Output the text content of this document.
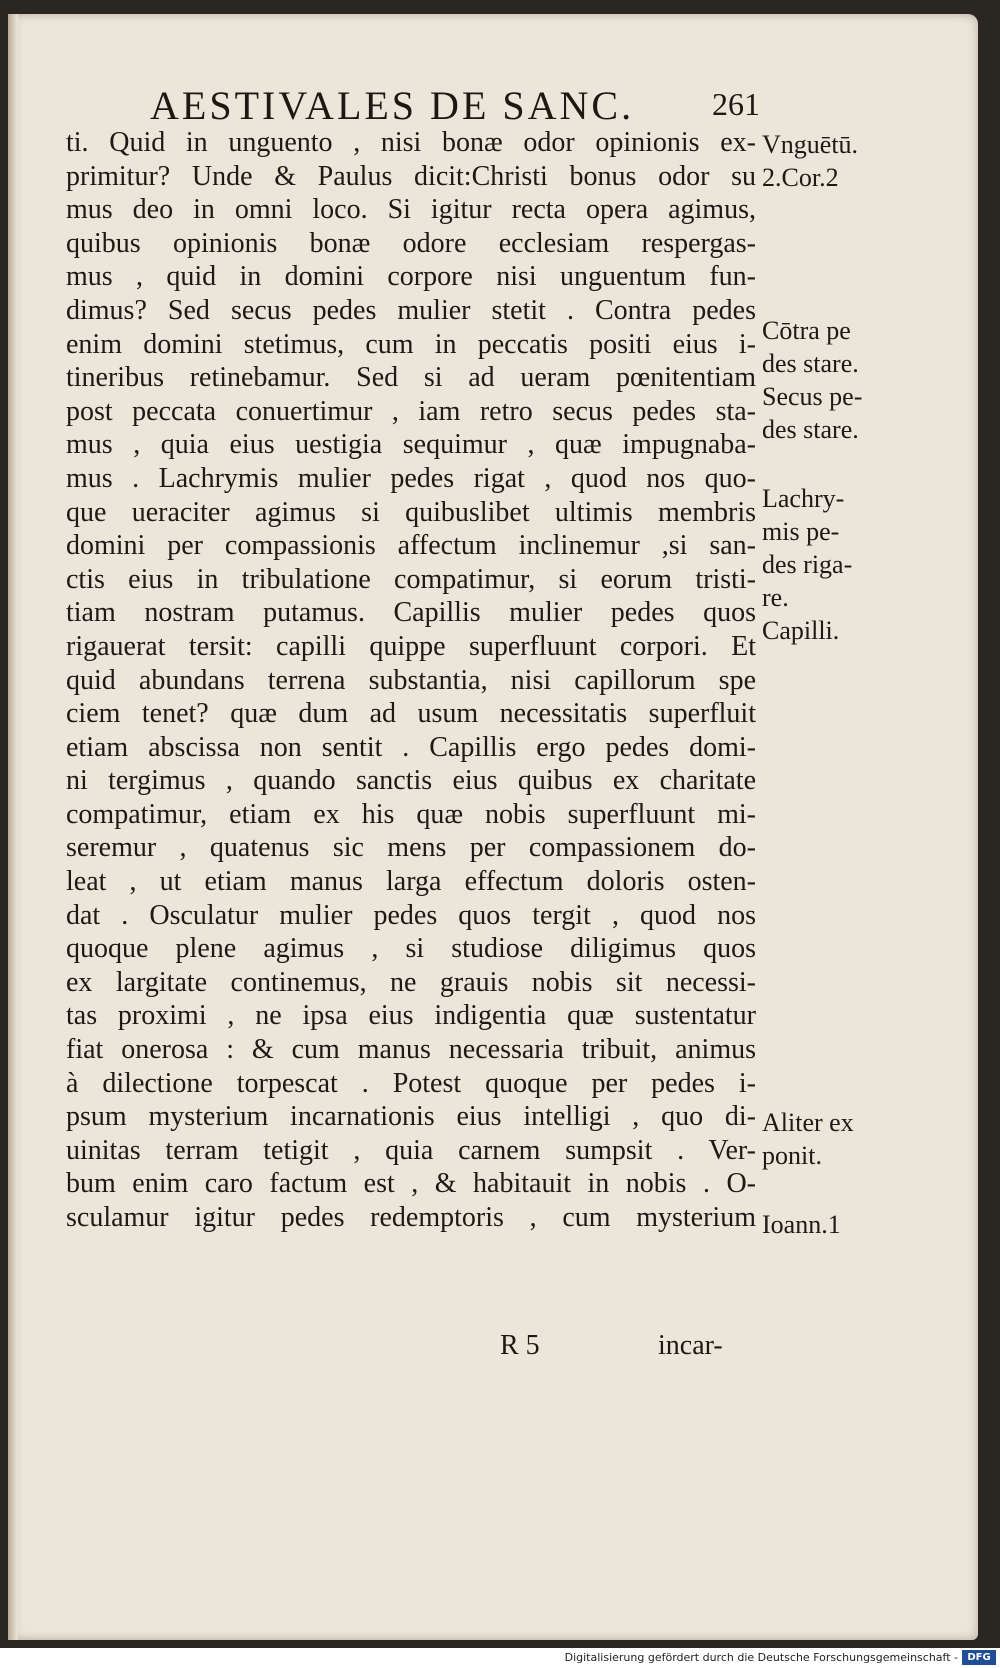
AESTIVALES DE SANC. 261
ti. Quid in unguento , nisi bonæ odor opinionis ex-
primitur? Unde & Paulus dicit:Christi bonus odor su
mus deo in omni loco. Si igitur recta opera agimus,
quibus opinionis bonæ odore ecclesiam respergas-
mus , quid in domini corpore nisi unguentum fun-
dimus? Sed secus pedes mulier stetit . Contra pedes
enim domini stetimus, cum in peccatis positi eius i-
tineribus retinebamur. Sed si ad ueram pœnitentiam
post peccata conuertimur , iam retro secus pedes sta-
mus , quia eius uestigia sequimur , quæ impugnaba-
mus . Lachrymis mulier pedes rigat , quod nos quo-
que ueraciter agimus si quibuslibet ultimis membris
domini per compassionis affectum inclinemur ,si san-
ctis eius in tribulatione compatimur, si eorum tristi-
tiam nostram putamus. Capillis mulier pedes quos
rigauerat tersit: capilli quippe superfluunt corpori. Et
quid abundans terrena substantia, nisi capillorum spe
ciem tenet? quæ dum ad usum necessitatis superfluit
etiam abscissa non sentit . Capillis ergo pedes domi-
ni tergimus , quando sanctis eius quibus ex charitate
compatimur, etiam ex his quæ nobis superfluunt mi-
seremur , quatenus sic mens per compassionem do-
leat , ut etiam manus larga effectum doloris osten-
dat . Osculatur mulier pedes quos tergit , quod nos
quoque plene agimus , si studiose diligimus quos
ex largitate continemus, ne grauis nobis sit necessi-
tas proximi , ne ipsa eius indigentia quæ sustentatur
fiat onerosa : & cum manus necessaria tribuit, animus
à dilectione torpescat . Potest quoque per pedes i-
psum mysterium incarnationis eius intelligi , quo di-
uinitas terram tetigit , quia carnem sumpsit . Ver-
bum enim caro factum est , & habitauit in nobis . O-
sculamur igitur pedes redemptoris , cum mysterium
Vnguētū.
2.Cor.2
Cōtra pe
des stare.
Secus pe-
des stare.
Lachry-
mis pe-
des riga-
re.
Capilli.
Aliter ex
ponit.
Ioann.1
R 5	incar-
Digitalisierung gefördert durch die Deutsche Forschungsgemeinschaft - DFG
